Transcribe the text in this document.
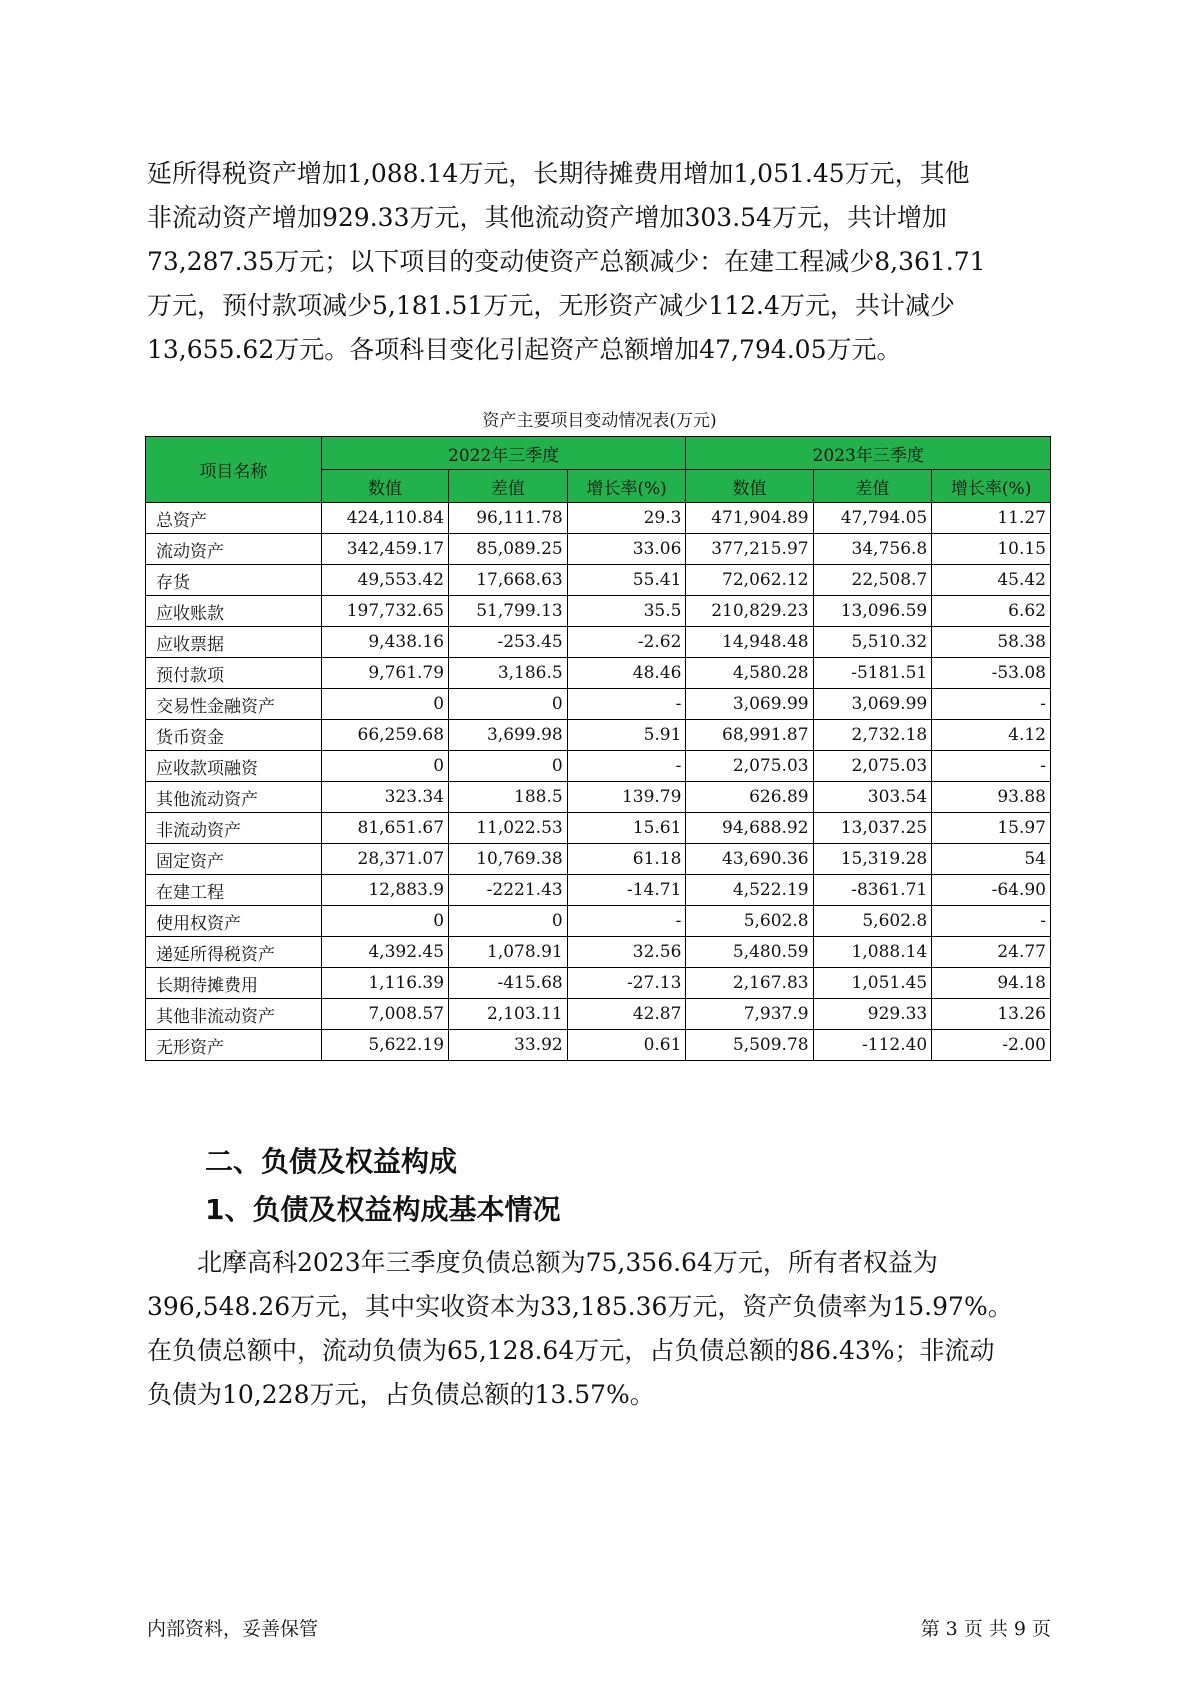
延所得税资产增加1,088.14万元，长期待摊费用增加1,051.45万元，其他
非流动资产增加929.33万元，其他流动资产增加303.54万元，共计增加
73,287.35万元；以下项目的变动使资产总额减少：在建工程减少8,361.71
万元，预付款项减少5,181.51万元，无形资产减少112.4万元，共计减少
13,655.62万元。各项科目变化引起资产总额增加47,794.05万元。
资产主要项目变动情况表(万元)
项目名称	2022年三季度			2023年三季度		
	数值	差值	增长率(%)	数值	差值	增长率(%)
总资产	424,110.84	96,111.78	29.3	471,904.89	47,794.05	11.27
流动资产	342,459.17	85,089.25	33.06	377,215.97	34,756.8	10.15
存货	49,553.42	17,668.63	55.41	72,062.12	22,508.7	45.42
应收账款	197,732.65	51,799.13	35.5	210,829.23	13,096.59	6.62
应收票据	9,438.16	-253.45	-2.62	14,948.48	5,510.32	58.38
预付款项	9,761.79	3,186.5	48.46	4,580.28	-5181.51	-53.08
交易性金融资产	0	0	-	3,069.99	3,069.99	-
货币资金	66,259.68	3,699.98	5.91	68,991.87	2,732.18	4.12
应收款项融资	0	0	-	2,075.03	2,075.03	-
其他流动资产	323.34	188.5	139.79	626.89	303.54	93.88
非流动资产	81,651.67	11,022.53	15.61	94,688.92	13,037.25	15.97
固定资产	28,371.07	10,769.38	61.18	43,690.36	15,319.28	54
在建工程	12,883.9	-2221.43	-14.71	4,522.19	-8361.71	-64.90
使用权资产	0	0	-	5,602.8	5,602.8	-
递延所得税资产	4,392.45	1,078.91	32.56	5,480.59	1,088.14	24.77
长期待摊费用	1,116.39	-415.68	-27.13	2,167.83	1,051.45	94.18
其他非流动资产	7,008.57	2,103.11	42.87	7,937.9	929.33	13.26
无形资产	5,622.19	33.92	0.61	5,509.78	-112.40	-2.00
二、负债及权益构成
1、负债及权益构成基本情况
北摩高科2023年三季度负债总额为75,356.64万元，所有者权益为
396,548.26万元，其中实收资本为33,185.36万元，资产负债率为15.97%。
在负债总额中，流动负债为65,128.64万元，占负债总额的86.43%；非流动
负债为10,228万元，占负债总额的13.57%。
内部资料，妥善保管	第 3 页 共 9 页
